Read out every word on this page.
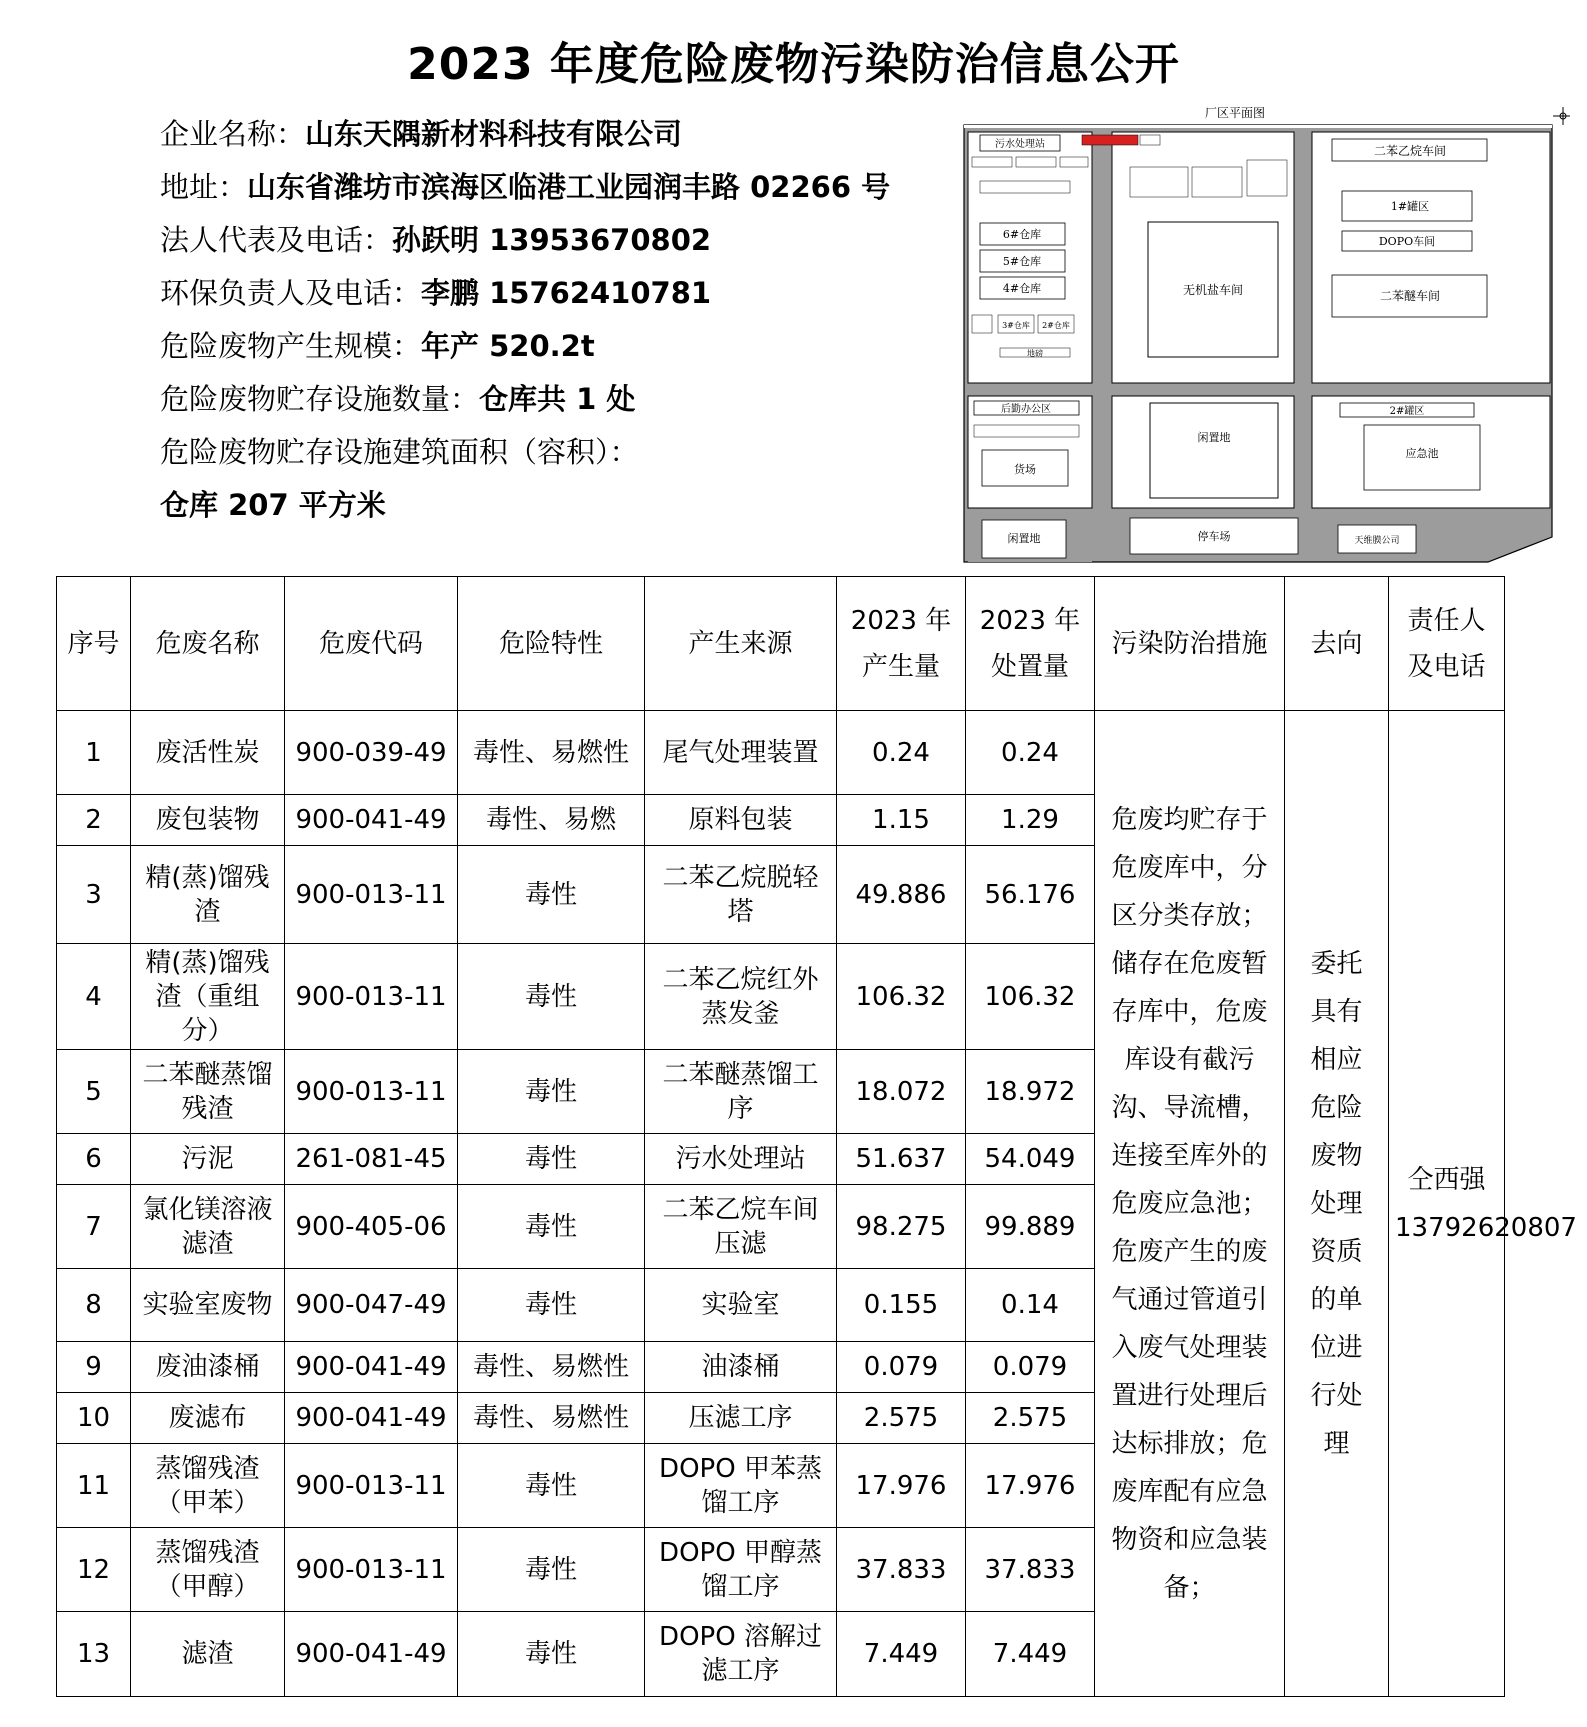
2023 年度危险废物污染防治信息公开
企业名称：山东天隅新材料科技有限公司
地址：山东省潍坊市滨海区临港工业园润丰路 02266 号
法人代表及电话：孙跃明 13953670802
环保负责人及电话：李鹏 15762410781
危险废物产生规模：年产 520.2t
危险废物贮存设施数量：仓库共 1 处
危险废物贮存设施建筑面积（容积）：
仓库 207 平方米
厂区平面图
污水处理站
6#仓库
5#仓库
4#仓库
3#仓库 2#仓库
地磅
无机盐车间
二苯乙烷车间
1#罐区
DOPO车间
二苯醚车间
后勤办公区
货场
闲置地
2#罐区
应急池
闲置地	停车场	天维膜公司
序号	危废名称	危废代码	危险特性	产生来源	2023 年产生量	2023 年处置量	污染防治措施	去向	责任人及电话
1	废活性炭	900-039-49	毒性、易燃性	尾气处理装置	0.24	0.24	危废均贮存于危废库中，分区分类存放；储存在危废暂存库中，危废库设有截污沟、导流槽，连接至库外的危废应急池；危废产生的废气通过管道引入废气处理装置进行处理后达标排放；危废库配有应急物资和应急装备；	委托具有相应危险废物处理资质的单位进行处理	仝西强 13792620807
2	废包装物	900-041-49	毒性、易燃	原料包装	1.15	1.29			
3	精(蒸)馏残渣	900-013-11	毒性	二苯乙烷脱轻塔	49.886	56.176			
4	精(蒸)馏残渣（重组分）	900-013-11	毒性	二苯乙烷红外蒸发釜	106.32	106.32			
5	二苯醚蒸馏残渣	900-013-11	毒性	二苯醚蒸馏工序	18.072	18.972			
6	污泥	261-081-45	毒性	污水处理站	51.637	54.049			
7	氯化镁溶液滤渣	900-405-06	毒性	二苯乙烷车间压滤	98.275	99.889			
8	实验室废物	900-047-49	毒性	实验室	0.155	0.14			
9	废油漆桶	900-041-49	毒性、易燃性	油漆桶	0.079	0.079			
10	废滤布	900-041-49	毒性、易燃性	压滤工序	2.575	2.575			
11	蒸馏残渣（甲苯）	900-013-11	毒性	DOPO 甲苯蒸馏工序	17.976	17.976			
12	蒸馏残渣（甲醇）	900-013-11	毒性	DOPO 甲醇蒸馏工序	37.833	37.833			
13	滤渣	900-041-49	毒性	DOPO 溶解过滤工序	7.449	7.449			
